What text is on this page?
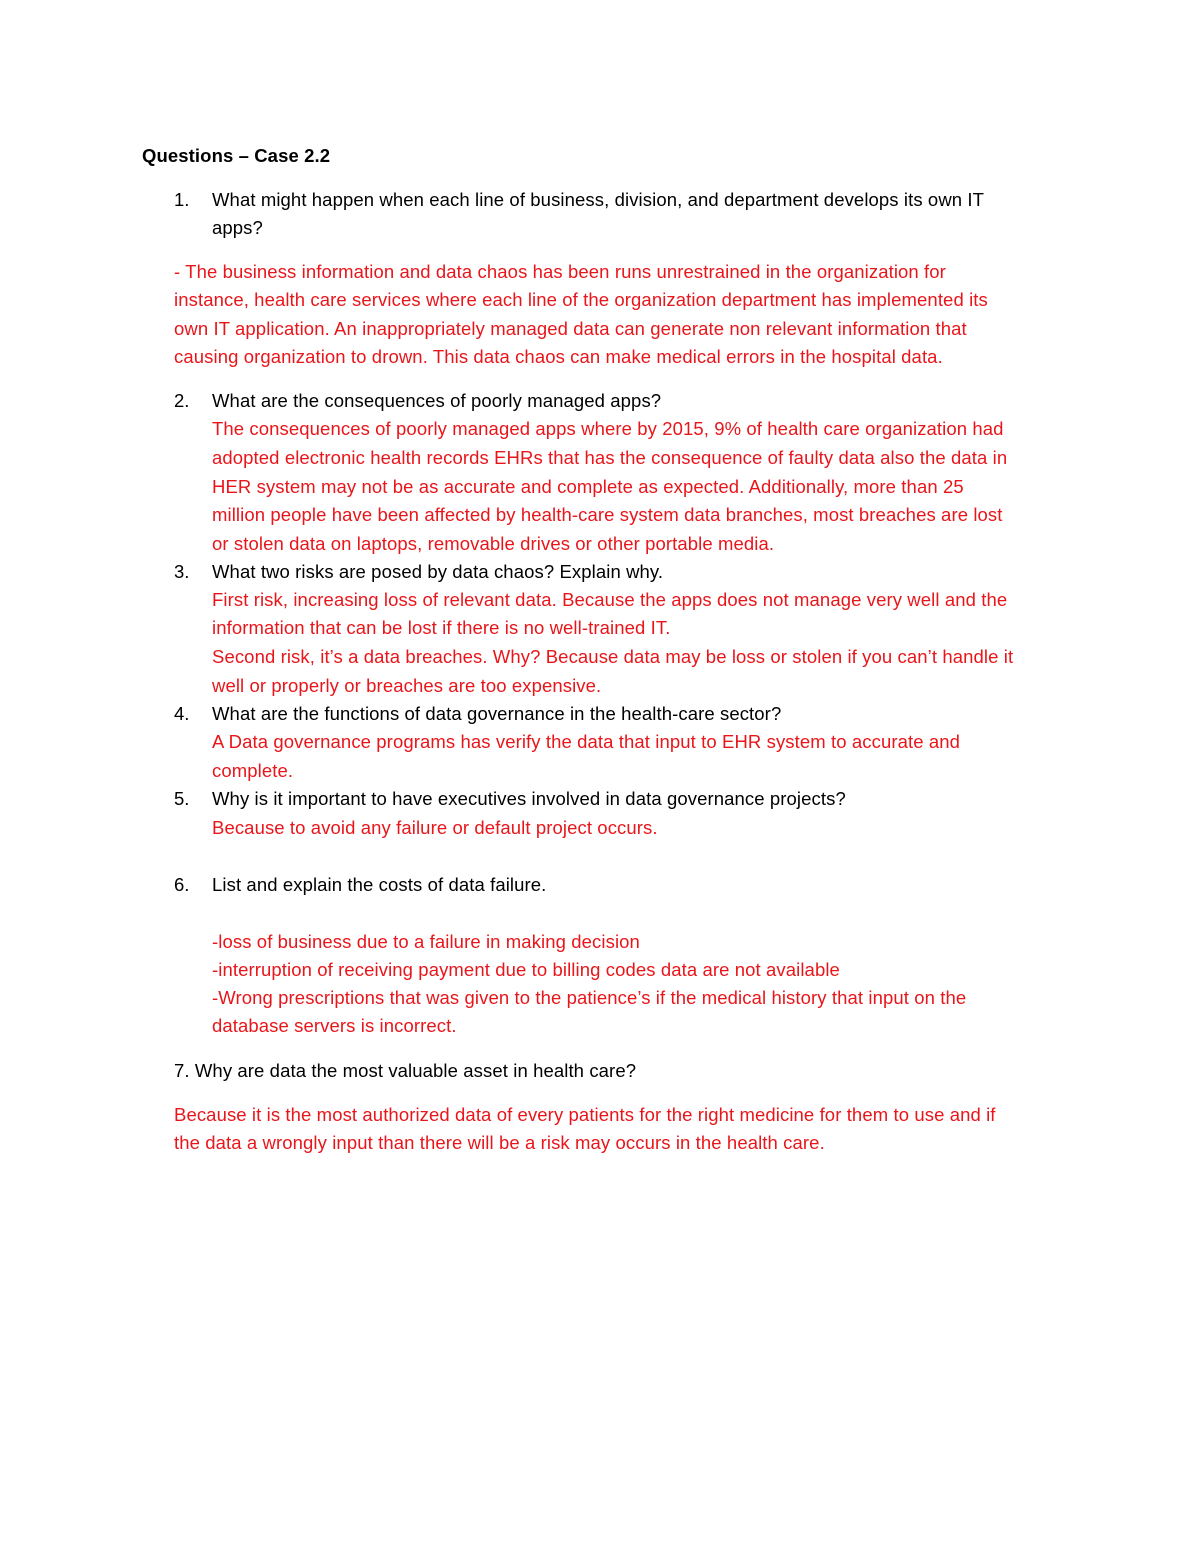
Questions – Case 2.2
1. What might happen when each line of business, division, and department develops its own IT
apps?
- The business information and data chaos has been runs unrestrained in the organization for
instance, health care services where each line of the organization department has implemented its
own IT application. An inappropriately managed data can generate non relevant information that
causing organization to drown. This data chaos can make medical errors in the hospital data.
2. What are the consequences of poorly managed apps?
The consequences of poorly managed apps where by 2015, 9% of health care organization had
adopted electronic health records EHRs that has the consequence of faulty data also the data in
HER system may not be as accurate and complete as expected. Additionally, more than 25
million people have been affected by health-care system data branches, most breaches are lost
or stolen data on laptops, removable drives or other portable media.
3. What two risks are posed by data chaos? Explain why.
First risk, increasing loss of relevant data. Because the apps does not manage very well and the
information that can be lost if there is no well-trained IT.
Second risk, it’s a data breaches. Why? Because data may be loss or stolen if you can’t handle it
well or properly or breaches are too expensive.
4. What are the functions of data governance in the health-care sector?
A Data governance programs has verify the data that input to EHR system to accurate and
complete.
5. Why is it important to have executives involved in data governance projects?
Because to avoid any failure or default project occurs.
6. List and explain the costs of data failure.
-loss of business due to a failure in making decision
-interruption of receiving payment due to billing codes data are not available
-Wrong prescriptions that was given to the patience’s if the medical history that input on the
database servers is incorrect.
7. Why are data the most valuable asset in health care?
Because it is the most authorized data of every patients for the right medicine for them to use and if
the data a wrongly input than there will be a risk may occurs in the health care.
